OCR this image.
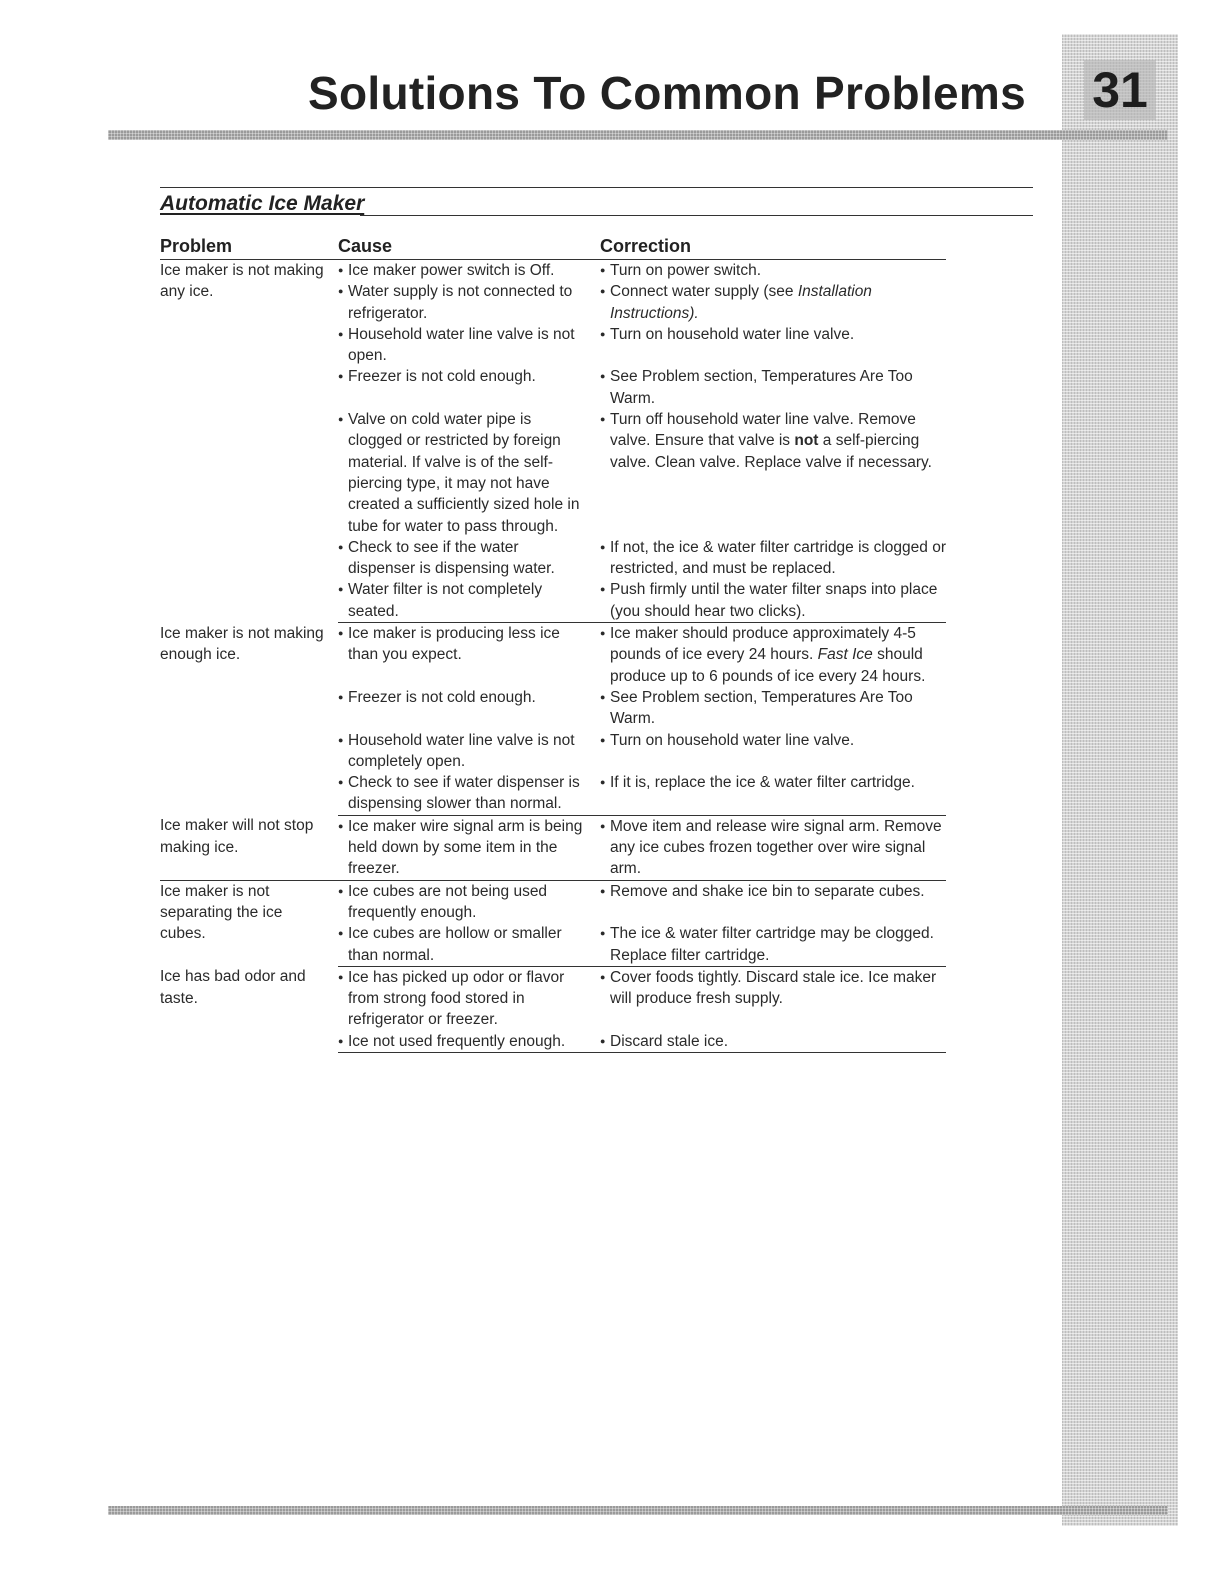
31
Solutions To Common Problems
Automatic Ice Maker
Problem	Cause	Correction
Ice maker is not making any ice.	● Ice maker power switch is Off.	● Turn on power switch.

	● Water supply is not connected to refrigerator.	● Connect water supply (see Installation Instructions).

	● Household water line valve is not open.	● Turn on household water line valve.

	● Freezer is not cold enough.	● See Problem section, Temperatures Are Too Warm.

	● Valve on cold water pipe is clogged or restricted by foreign material. If valve is of the self-piercing type, it may not have created a sufficiently sized hole in tube for water to pass through.	● Turn off household water line valve. Remove valve. Ensure that valve is not a self-piercing valve. Clean valve. Replace valve if necessary.

	● Check to see if the water dispenser is dispensing water.	● If not, the ice & water filter cartridge is clogged or restricted, and must be replaced.

	● Water filter is not completely seated.	● Push firmly until the water filter snaps into place (you should hear two clicks).

Ice maker is not making enough ice.	● Ice maker is producing less ice than you expect.	● Ice maker should produce approximately 4-5 pounds of ice every 24 hours. Fast Ice should produce up to 6 pounds of ice every 24 hours.

	● Freezer is not cold enough.	● See Problem section, Temperatures Are Too Warm.

	● Household water line valve is not completely open.	● Turn on household water line valve.

	● Check to see if water dispenser is dispensing slower than normal.	● If it is, replace the ice & water filter cartridge.

Ice maker will not stop making ice.	● Ice maker wire signal arm is being held down by some item in the freezer.	● Move item and release wire signal arm. Remove any ice cubes frozen together over wire signal arm.

Ice maker is not separating the ice cubes.	● Ice cubes are not being used frequently enough.	● Remove and shake ice bin to separate cubes.

	● Ice cubes are hollow or smaller than normal.	● The ice & water filter cartridge may be clogged. Replace filter cartridge.

Ice has bad odor and taste.	● Ice has picked up odor or flavor from strong food stored in refrigerator or freezer.	● Cover foods tightly. Discard stale ice. Ice maker will produce fresh supply.

	● Ice not used frequently enough.	● Discard stale ice.
